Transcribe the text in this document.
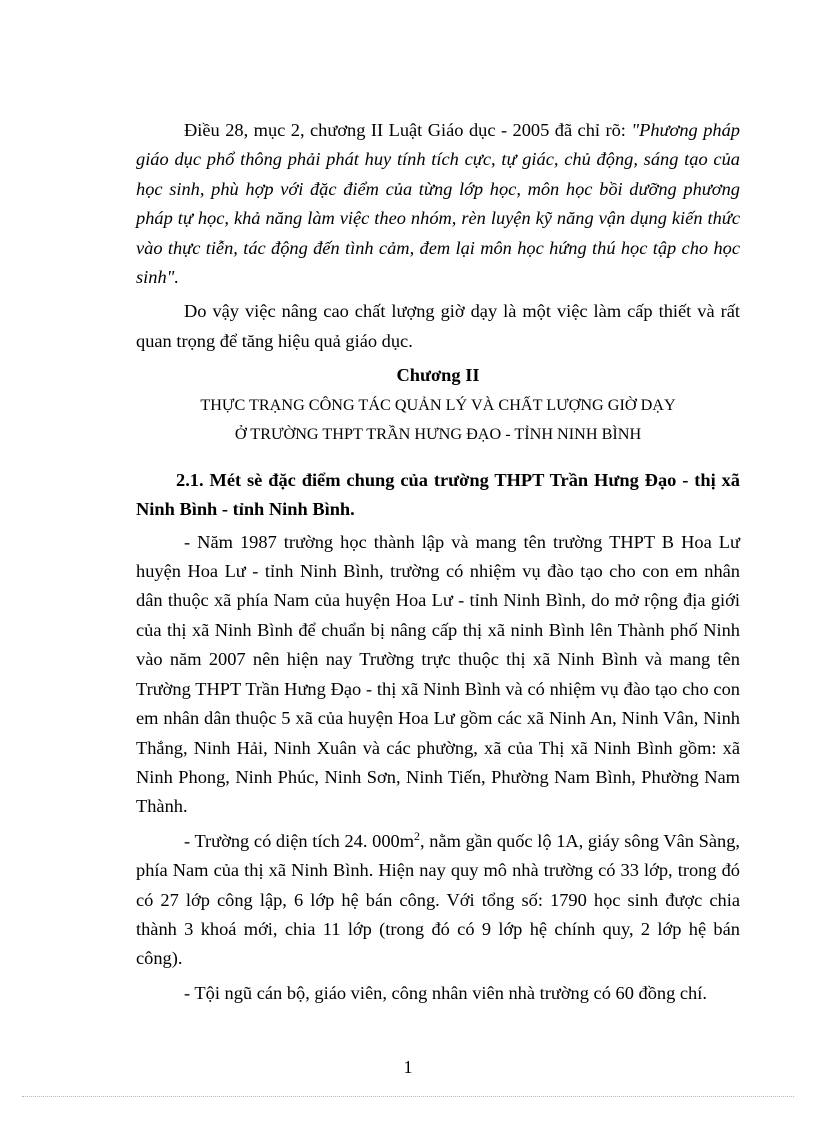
Điều 28, mục 2, chương II Luật Giáo dục - 2005 đã chỉ rõ: "Phương pháp giáo dục phổ thông phải phát huy tính tích cực, tự giác, chủ động, sáng tạo của học sinh, phù hợp với đặc điểm của từng lớp học, môn học bồi dưỡng phương pháp tự học, khả năng làm việc theo nhóm, rèn luyện kỹ năng vận dụng kiến thức vào thực tiễn, tác động đến tình cảm, đem lại môn học hứng thú học tập cho học sinh".

Do vậy việc nâng cao chất lượng giờ dạy là một việc làm cấp thiết và rất quan trọng để tăng hiệu quả giáo dục.

Chương II

THỰC TRẠNG CÔNG TÁC QUẢN LÝ VÀ CHẤT LƯỢNG GIỜ DẠY

Ở TRƯỜNG THPT TRẦN HƯNG ĐẠO - TỈNH NINH BÌNH

2.1. Mét sè đặc điểm chung của trường THPT Trần Hưng Đạo - thị xã Ninh Bình - tỉnh Ninh Bình.

- Năm 1987 trường học thành lập và mang tên trường THPT B Hoa Lư huyện Hoa Lư - tỉnh Ninh Bình, trường có nhiệm vụ đào tạo cho con em nhân dân thuộc xã phía Nam của huyện Hoa Lư - tỉnh Ninh Bình, do mở rộng địa giới của thị xã Ninh Bình để chuẩn bị nâng cấp thị xã ninh Bình lên Thành phố Ninh vào năm 2007 nên hiện nay Trường trực thuộc thị xã Ninh Bình và mang tên Trường THPT Trần Hưng Đạo - thị xã Ninh Bình và có nhiệm vụ đào tạo cho con em nhân dân thuộc 5 xã của huyện Hoa Lư gồm các xã Ninh An, Ninh Vân, Ninh Thắng, Ninh Hải, Ninh Xuân và các phường, xã của Thị xã Ninh Bình gồm: xã Ninh Phong, Ninh Phúc, Ninh Sơn, Ninh Tiến, Phường Nam Bình, Phường Nam Thành.

- Trường có diện tích 24. $000m^2$, nằm gần quốc lộ 1A, giáy sông Vân Sàng, phía Nam của thị xã Ninh Bình. Hiện nay quy mô nhà trường có 33 lớp, trong đó có 27 lớp công lập, 6 lớp hệ bán công. Với tổng số: 1790 học sinh được chia thành 3 khoá mới, chia 11 lớp (trong đó có 9 lớp hệ chính quy, 2 lớp hệ bán công).

- Tội ngũ cán bộ, giáo viên, công nhân viên nhà trường có 60 đồng chí.

1
